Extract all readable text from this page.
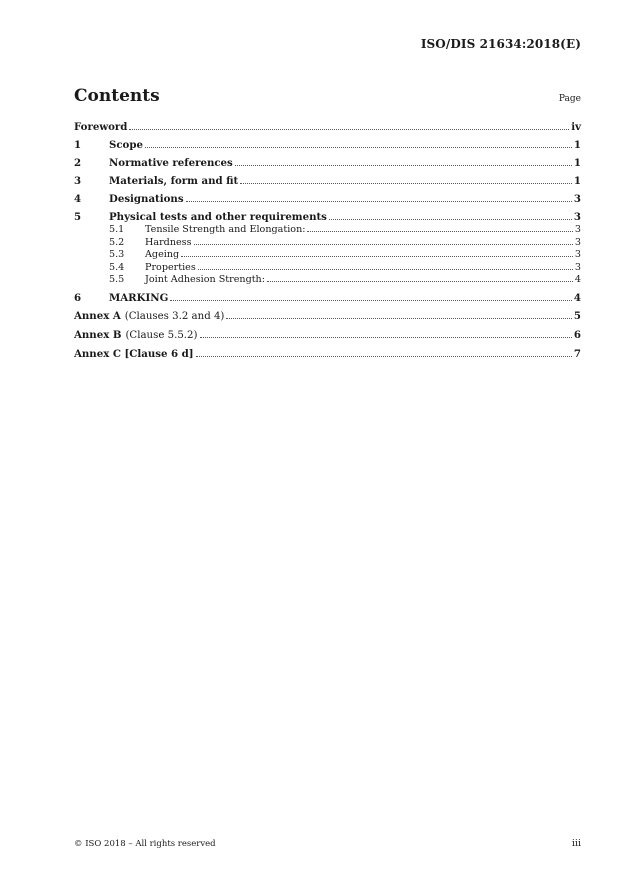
ISO/DIS 21634:2018(E)
Contents	Page
Foreword	iv
1	Scope	1
2	Normative references	1
3	Materials, form and fit	1
4	Designations	3
5	Physical tests and other requirements	3
5.1	Tensile Strength and Elongation:	3
5.2	Hardness	3
5.3	Ageing	3
5.4	Properties	3
5.5	Joint Adhesion Strength:	4
6	MARKING	4
Annex A (Clauses 3.2 and 4)	5
Annex B (Clause 5.5.2)	6
Annex C [Clause 6 d]	7
© ISO 2018 – All rights reserved	iii
